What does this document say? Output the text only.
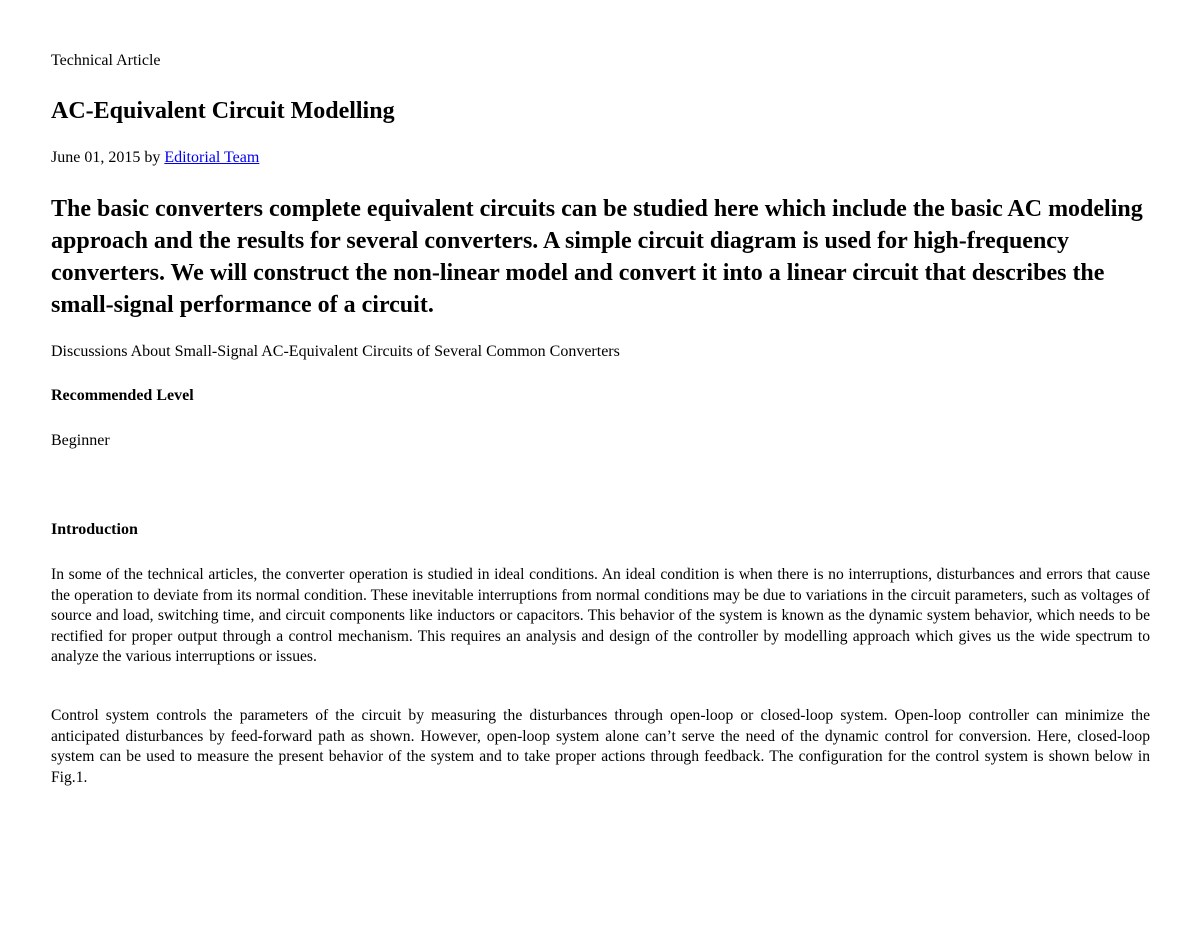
Technical Article
AC-Equivalent Circuit Modelling
June 01, 2015 by Editorial Team

The basic converters complete equivalent circuits can be studied here which include the basic AC modeling approach and the results for several converters. A simple circuit diagram is used for high-frequency converters. We will construct the non-linear model and convert it into a linear circuit that describes the small-signal performance of a circuit.

Discussions About Small-Signal AC-Equivalent Circuits of Several Common Converters
Recommended Level
Beginner
Introduction

In some of the technical articles, the converter operation is studied in ideal conditions. An ideal condition is when there is no interruptions, disturbances and errors that cause the operation to deviate from its normal condition. These inevitable interruptions from normal conditions may be due to variations in the circuit parameters, such as voltages of source and load, switching time, and circuit components like inductors or capacitors. This behavior of the system is known as the dynamic system behavior, which needs to be rectified for proper output through a control mechanism. This requires an analysis and design of the controller by modelling approach which gives us the wide spectrum to analyze the various interruptions or issues.

Control system controls the parameters of the circuit by measuring the disturbances through open-loop or closed-loop system. Open-loop controller can minimize the anticipated disturbances by feed-forward path as shown. However, open-loop system alone can’t serve the need of the dynamic control for conversion. Here, closed-loop system can be used to measure the present behavior of the system and to take proper actions through feedback. The configuration for the control system is shown below in Fig.1.
